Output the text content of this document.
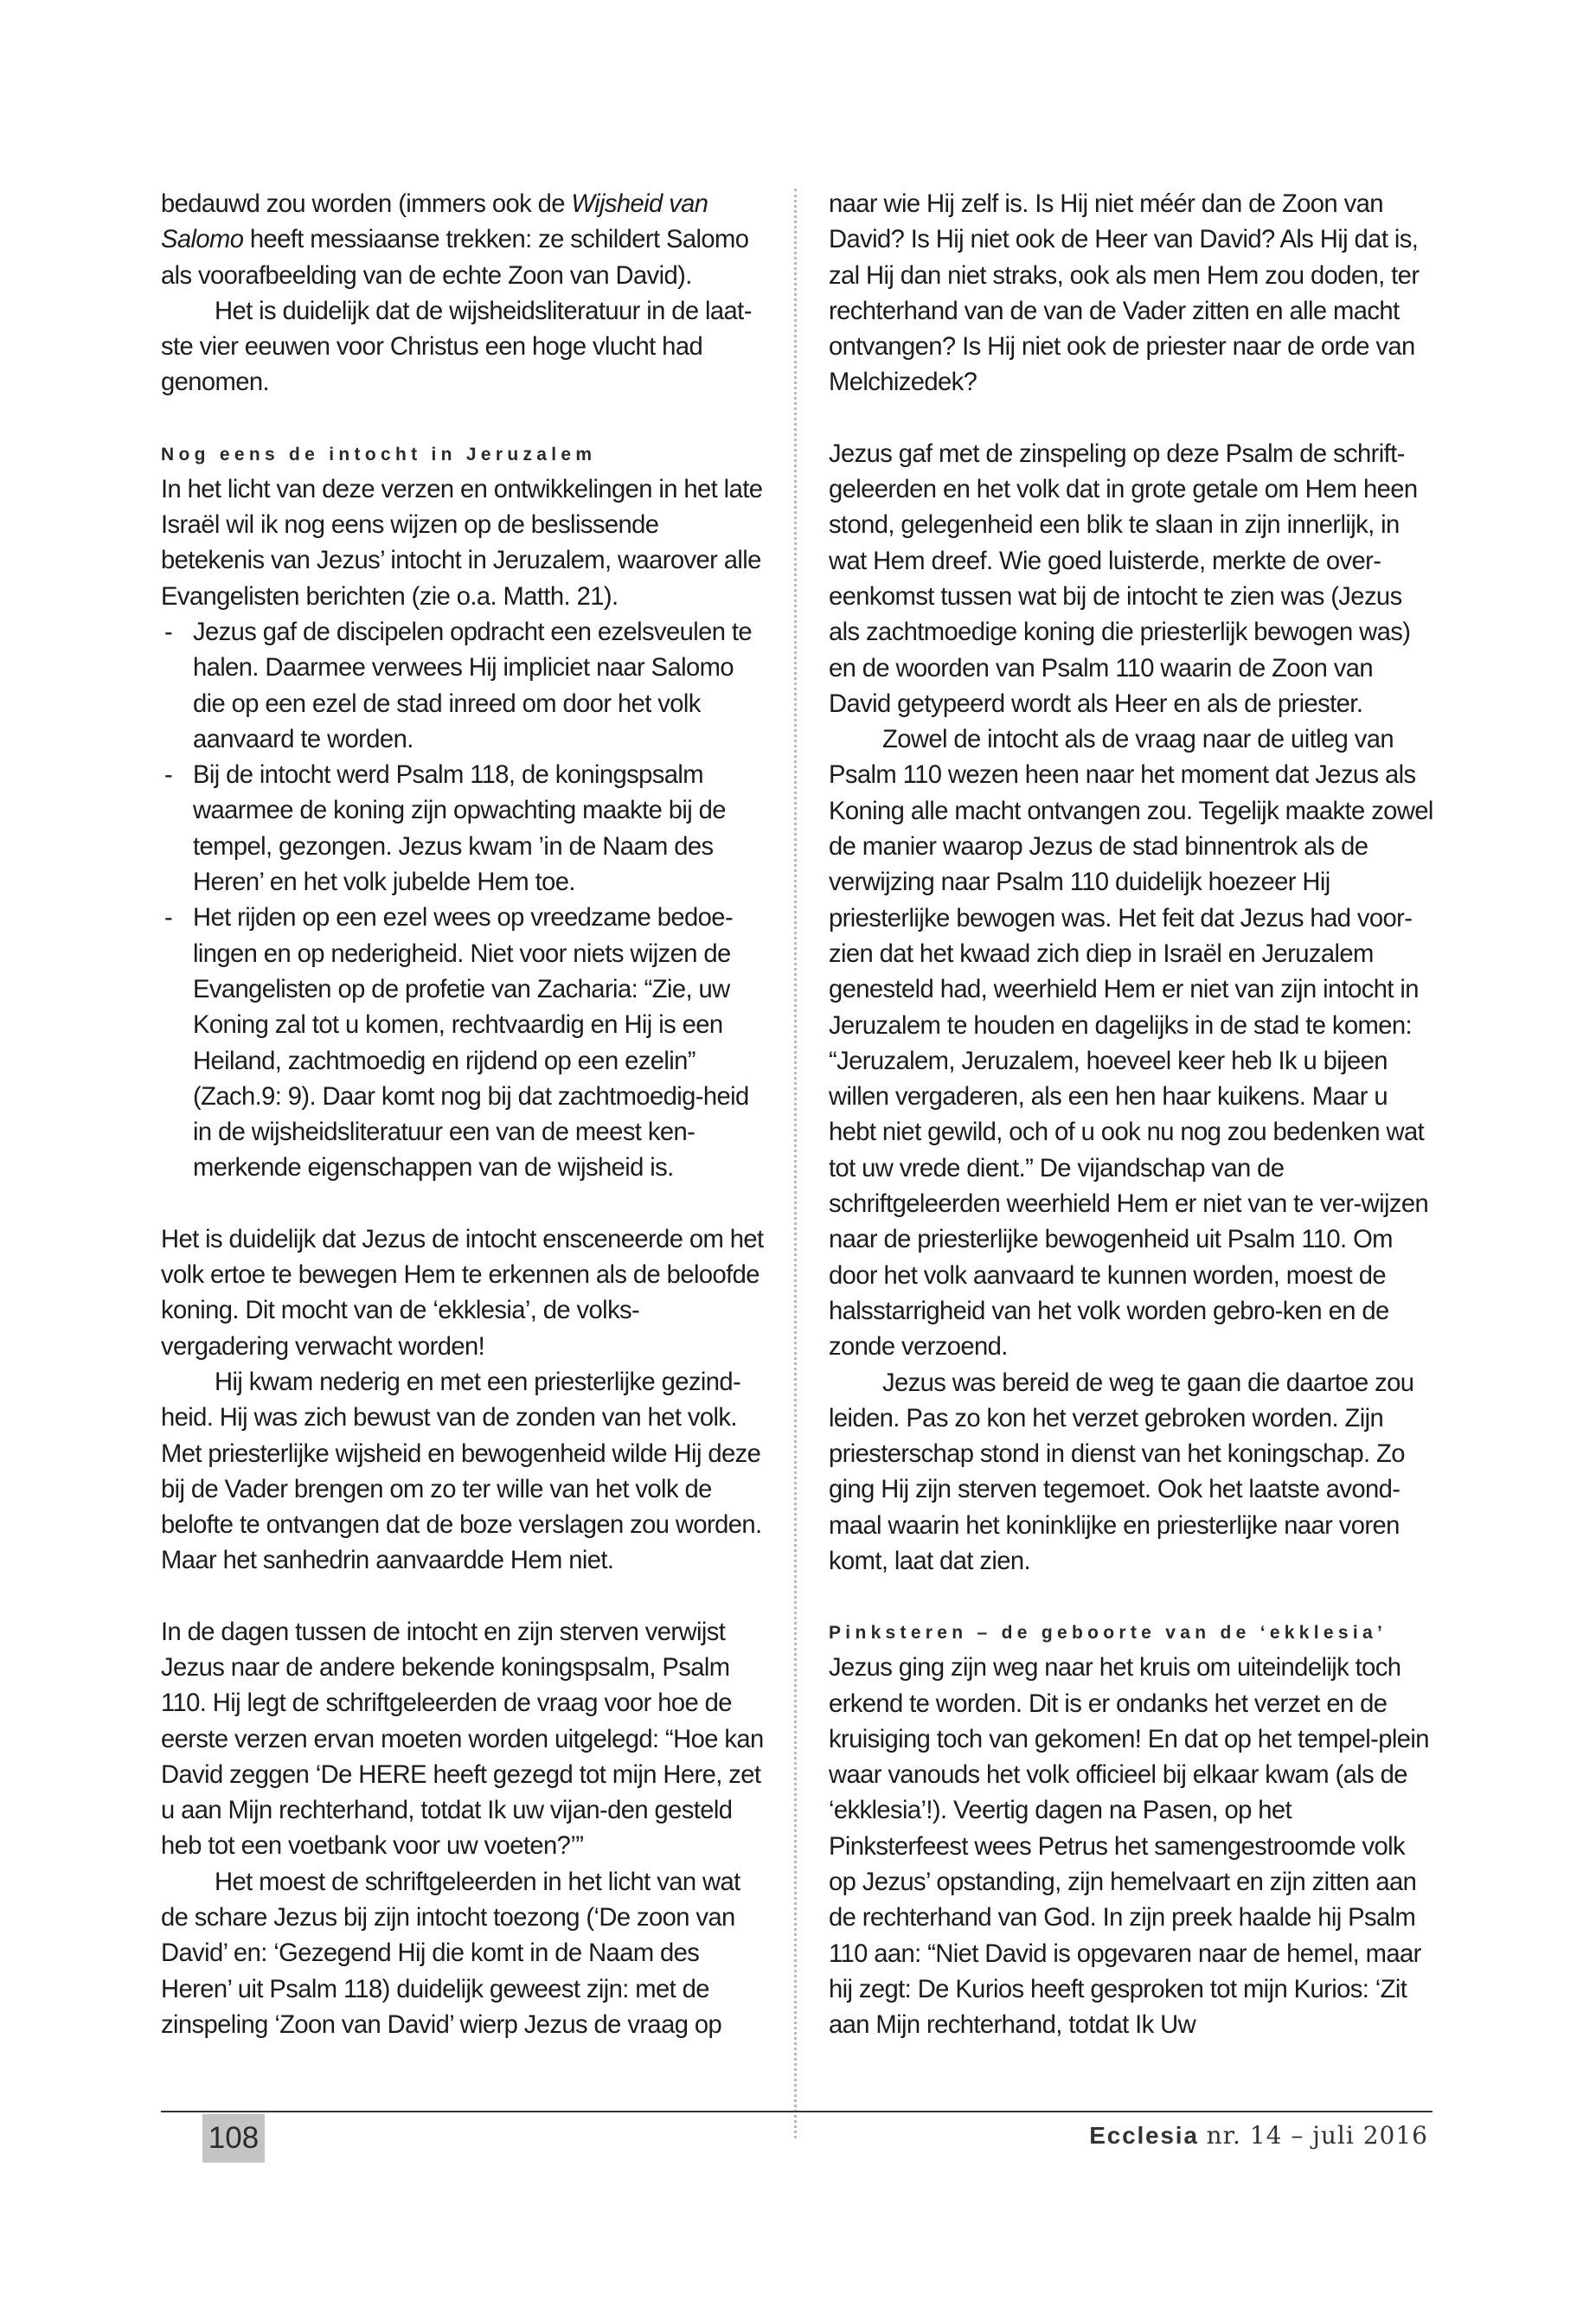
bedauwd zou worden (immers ook de Wijsheid van Salomo heeft messiaanse trekken: ze schildert Salomo als voorafbeelding van de echte Zoon van David).

Het is duidelijk dat de wijsheidsliteratuur in de laat-ste vier eeuwen voor Christus een hoge vlucht had genomen.

Nog eens de intocht in Jeruzalem

In het licht van deze verzen en ontwikkelingen in het late Israël wil ik nog eens wijzen op de beslissende betekenis van Jezus’ intocht in Jeruzalem, waarover alle Evangelisten berichten (zie o.a. Matth. 21).

- Jezus gaf de discipelen opdracht een ezelsveulen te halen. Daarmee verwees Hij impliciet naar Salomo die op een ezel de stad inreed om door het volk aanvaard te worden.
- Bij de intocht werd Psalm 118, de koningspsalm waarmee de koning zijn opwachting maakte bij de tempel, gezongen. Jezus kwam ’in de Naam des Heren’ en het volk jubelde Hem toe.
- Het rijden op een ezel wees op vreedzame bedoe-lingen en op nederigheid. Niet voor niets wijzen de Evangelisten op de profetie van Zacharia: “Zie, uw Koning zal tot u komen, rechtvaardig en Hij is een Heiland, zachtmoedig en rijdend op een ezelin” (Zach.9: 9). Daar komt nog bij dat zachtmoedig-heid in de wijsheidsliteratuur een van de meest ken-merkende eigenschappen van de wijsheid is.

Het is duidelijk dat Jezus de intocht ensceneerde om het volk ertoe te bewegen Hem te erkennen als de beloofde koning. Dit mocht van de ‘ekklesia’, de volks-vergadering verwacht worden!

Hij kwam nederig en met een priesterlijke gezind-heid. Hij was zich bewust van de zonden van het volk. Met priesterlijke wijsheid en bewogenheid wilde Hij deze bij de Vader brengen om zo ter wille van het volk de belofte te ontvangen dat de boze verslagen zou worden. Maar het sanhedrin aanvaardde Hem niet.

In de dagen tussen de intocht en zijn sterven verwijst Jezus naar de andere bekende koningspsalm, Psalm 110. Hij legt de schriftgeleerden de vraag voor hoe de eerste verzen ervan moeten worden uitgelegd: “Hoe kan David zeggen ‘De HERE heeft gezegd tot mijn Here, zet u aan Mijn rechterhand, totdat Ik uw vijan-den gesteld heb tot een voetbank voor uw voeten?’”

Het moest de schriftgeleerden in het licht van wat de schare Jezus bij zijn intocht toezong (‘De zoon van David’ en: ‘Gezegend Hij die komt in de Naam des Heren’ uit Psalm 118) duidelijk geweest zijn: met de zinspeling ‘Zoon van David’ wierp Jezus de vraag op

naar wie Hij zelf is. Is Hij niet méér dan de Zoon van David? Is Hij niet ook de Heer van David? Als Hij dat is, zal Hij dan niet straks, ook als men Hem zou doden, ter rechterhand van de van de Vader zitten en alle macht ontvangen? Is Hij niet ook de priester naar de orde van Melchizedek?

Jezus gaf met de zinspeling op deze Psalm de schrift-geleerden en het volk dat in grote getale om Hem heen stond, gelegenheid een blik te slaan in zijn innerlijk, in wat Hem dreef. Wie goed luisterde, merkte de over-eenkomst tussen wat bij de intocht te zien was (Jezus als zachtmoedige koning die priesterlijk bewogen was) en de woorden van Psalm 110 waarin de Zoon van David getypeerd wordt als Heer en als de priester.

Zowel de intocht als de vraag naar de uitleg van Psalm 110 wezen heen naar het moment dat Jezus als Koning alle macht ontvangen zou. Tegelijk maakte zowel de manier waarop Jezus de stad binnentrok als de verwijzing naar Psalm 110 duidelijk hoezeer Hij priesterlijke bewogen was. Het feit dat Jezus had voor-zien dat het kwaad zich diep in Israël en Jeruzalem genesteld had, weerhield Hem er niet van zijn intocht in Jeruzalem te houden en dagelijks in de stad te komen: “Jeruzalem, Jeruzalem, hoeveel keer heb Ik u bijeen willen vergaderen, als een hen haar kuikens. Maar u hebt niet gewild, och of u ook nu nog zou bedenken wat tot uw vrede dient.” De vijandschap van de schriftgeleerden weerhield Hem er niet van te ver-wijzen naar de priesterlijke bewogenheid uit Psalm 110. Om door het volk aanvaard te kunnen worden, moest de halsstarrigheid van het volk worden gebro-ken en de zonde verzoend.

Jezus was bereid de weg te gaan die daartoe zou leiden. Pas zo kon het verzet gebroken worden. Zijn priesterschap stond in dienst van het koningschap. Zo ging Hij zijn sterven tegemoet. Ook het laatste avond-maal waarin het koninklijke en priesterlijke naar voren komt, laat dat zien.

Pinksteren – de geboorte van de ‘ekklesia’

Jezus ging zijn weg naar het kruis om uiteindelijk toch erkend te worden. Dit is er ondanks het verzet en de kruisiging toch van gekomen! En dat op het tempel-plein waar vanouds het volk officieel bij elkaar kwam (als de ‘ekklesia’!). Veertig dagen na Pasen, op het Pinksterfeest wees Petrus het samengestroomde volk op Jezus’ opstanding, zijn hemelvaart en zijn zitten aan de rechterhand van God. In zijn preek haalde hij Psalm 110 aan: “Niet David is opgevaren naar de hemel, maar hij zegt: De Kurios heeft gesproken tot mijn Kurios: ‘Zit aan Mijn rechterhand, totdat Ik Uw

108	Ecclesia nr. 14 – juli 2016
